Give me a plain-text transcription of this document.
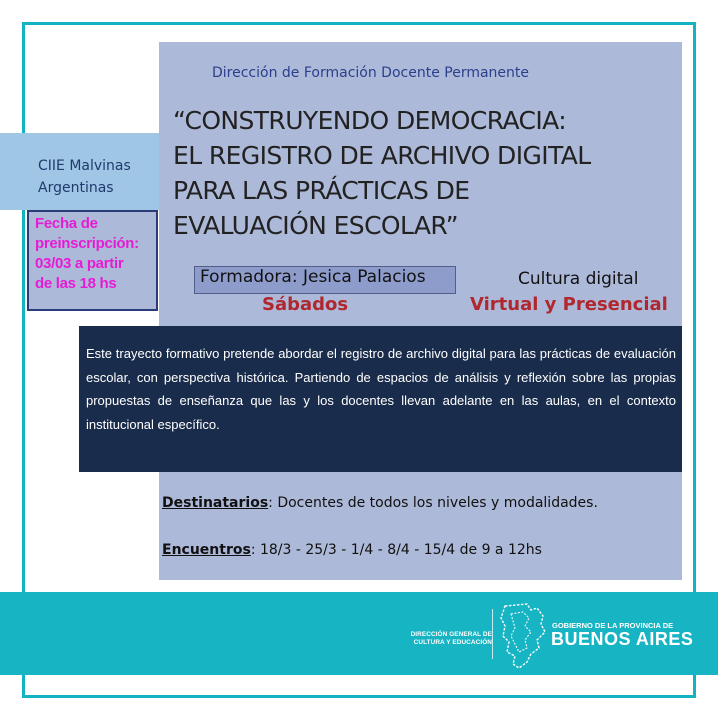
Dirección de Formación Docente Permanente
“CONSTRUYENDO DEMOCRACIA:
EL REGISTRO DE ARCHIVO DIGITAL
PARA LAS PRÁCTICAS DE
EVALUACIÓN ESCOLAR”
CIIE Malvinas
Argentinas
Fecha de
preinscripción:
03/03 a partir
de las 18 hs	Formadora: Jesica Palacios	Cultura digital
Sábados	Virtual y Presencial
Este trayecto formativo pretende abordar el registro de archivo digital para las prácticas de evaluación escolar, con perspectiva histórica. Partiendo de espacios de análisis y reflexión sobre las propias propuestas de enseñanza que las y los docentes llevan adelante en las aulas, en el contexto institucional específico.
Destinatarios: Docentes de todos los niveles y modalidades.
Encuentros: 18/3 - 25/3 - 1/4 - 8/4 - 15/4 de 9 a 12hs
DIRECCIÓN GENERAL DE
CULTURA Y EDUCACIÓN
GOBIERNO DE LA PROVINCIA DE
BUENOS AIRES
